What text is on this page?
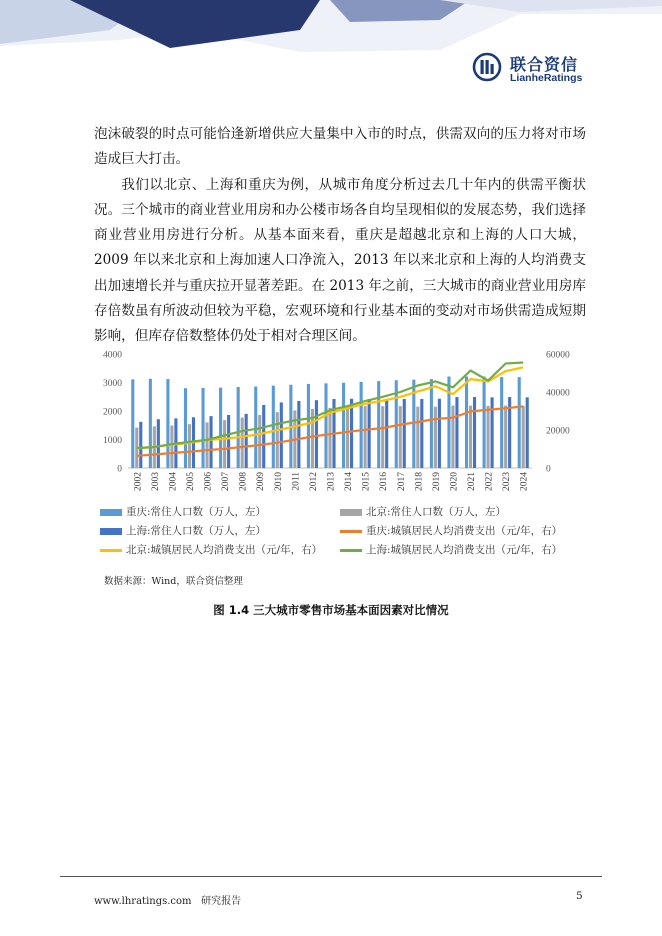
联合资信
LianheRatings

泡沫破裂的时点可能恰逢新增供应大量集中入市的时点，供需双向的压力将对市场造成巨大打击。

我们以北京、上海和重庆为例，从城市角度分析过去几十年内的供需平衡状况。三个城市的商业营业用房和办公楼市场各自均呈现相似的发展态势，我们选择商业营业用房进行分析。从基本面来看，重庆是超越北京和上海的人口大城，2009 年以来北京和上海加速人口净流入，2013 年以来北京和上海的人均消费支出加速增长并与重庆拉开显著差距。在 2013 年之前，三大城市的商业营业用房库存倍数虽有所波动但较为平稳，宏观环境和行业基本面的变动对市场供需造成短期影响，但库存倍数整体仍处于相对合理区间。

0
1000
2000
3000
4000
0
20000
40000
60000
2002 2003 2004 2005 2006 2007 2008 2009 2010 2011 2012 2013 2014 2015 2016 2017 2018 2019 2020 2021 2022 2023 2024
重庆:常住人口数（万人，左）	北京:常住人口数（万人，左）
上海:常住人口数（万人，左）	重庆:城镇居民人均消费支出（元/年，右）
北京:城镇居民人均消费支出（元/年，右）	上海:城镇居民人均消费支出（元/年，右）
数据来源：Wind，联合资信整理
图 1.4 三大城市零售市场基本面因素对比情况
www.lhratings.com 研究报告	5
